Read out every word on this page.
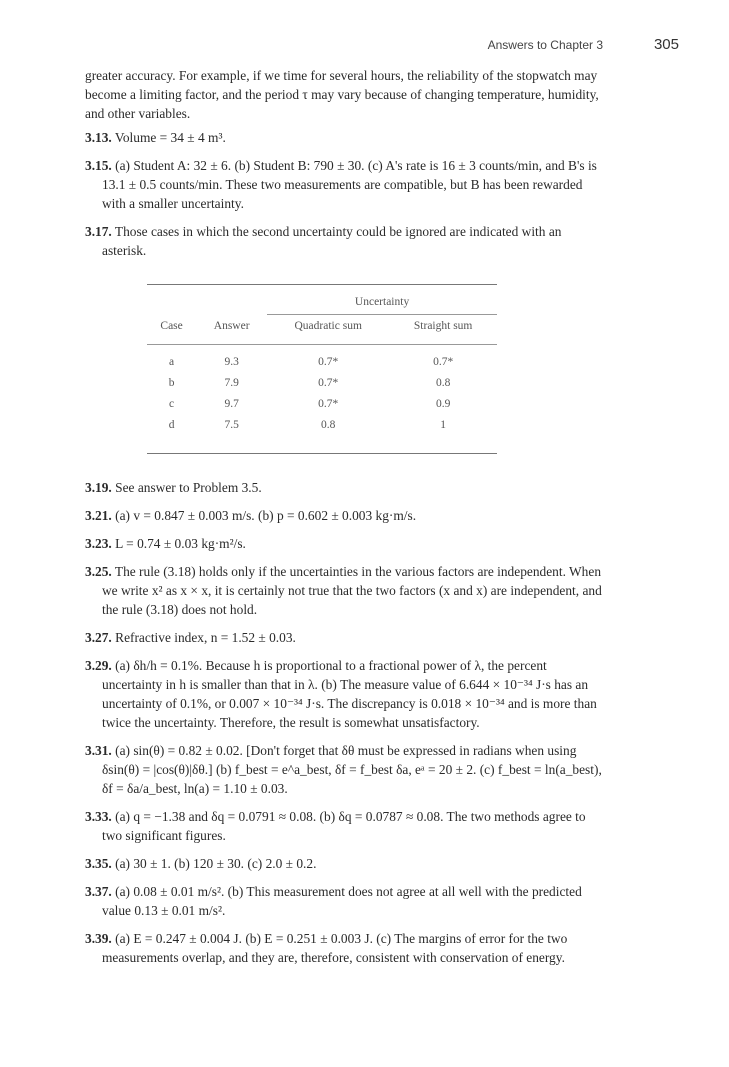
Answers to Chapter 3	305

greater accuracy. For example, if we time for several hours, the reliability of the stopwatch may become a limiting factor, and the period τ may vary because of changing temperature, humidity, and other variables.

3.13. Volume = 34 ± 4 m³.

3.15. (a) Student A: 32 ± 6. (b) Student B: 790 ± 30. (c) A's rate is 16 ± 3 counts/min, and B's is 13.1 ± 0.5 counts/min. These two measurements are compatible, but B has been rewarded with a smaller uncertainty.

3.17. Those cases in which the second uncertainty could be ignored are indicated with an asterisk.

		Uncertainty	
Case	Answer	Quadratic sum	Straight sum
a	9.3	0.7*	0.7*
b	7.9	0.7*	0.8
c	9.7	0.7*	0.9
d	7.5	0.8	1

3.19. See answer to Problem 3.5.

3.21. (a) v = 0.847 ± 0.003 m/s. (b) p = 0.602 ± 0.003 kg·m/s.

3.23. L = 0.74 ± 0.03 kg·m²/s.

3.25. The rule (3.18) holds only if the uncertainties in the various factors are independent. When we write x² as x × x, it is certainly not true that the two factors (x and x) are independent, and the rule (3.18) does not hold.

3.27. Refractive index, n = 1.52 ± 0.03.

3.29. (a) δh/h = 0.1%. Because h is proportional to a fractional power of λ, the percent uncertainty in h is smaller than that in λ. (b) The measure value of 6.644 × 10⁻³⁴ J·s has an uncertainty of 0.1%, or 0.007 × 10⁻³⁴ J·s. The discrepancy is 0.018 × 10⁻³⁴ and is more than twice the uncertainty. Therefore, the result is somewhat unsatisfactory.

3.31. (a) sin(θ) = 0.82 ± 0.02. [Don't forget that δθ must be expressed in radians when using δsin(θ) = |cos(θ)|δθ.] (b) f_best = e^a_best, δf = f_best δa, eᵃ = 20 ± 2. (c) f_best = ln(a_best), δf = δa/a_best, ln(a) = 1.10 ± 0.03.

3.33. (a) q = −1.38 and δq = 0.0791 ≈ 0.08. (b) δq = 0.0787 ≈ 0.08. The two methods agree to two significant figures.

3.35. (a) 30 ± 1. (b) 120 ± 30. (c) 2.0 ± 0.2.

3.37. (a) 0.08 ± 0.01 m/s². (b) This measurement does not agree at all well with the predicted value 0.13 ± 0.01 m/s².

3.39. (a) E = 0.247 ± 0.004 J. (b) E = 0.251 ± 0.003 J. (c) The margins of error for the two measurements overlap, and they are, therefore, consistent with conservation of energy.
